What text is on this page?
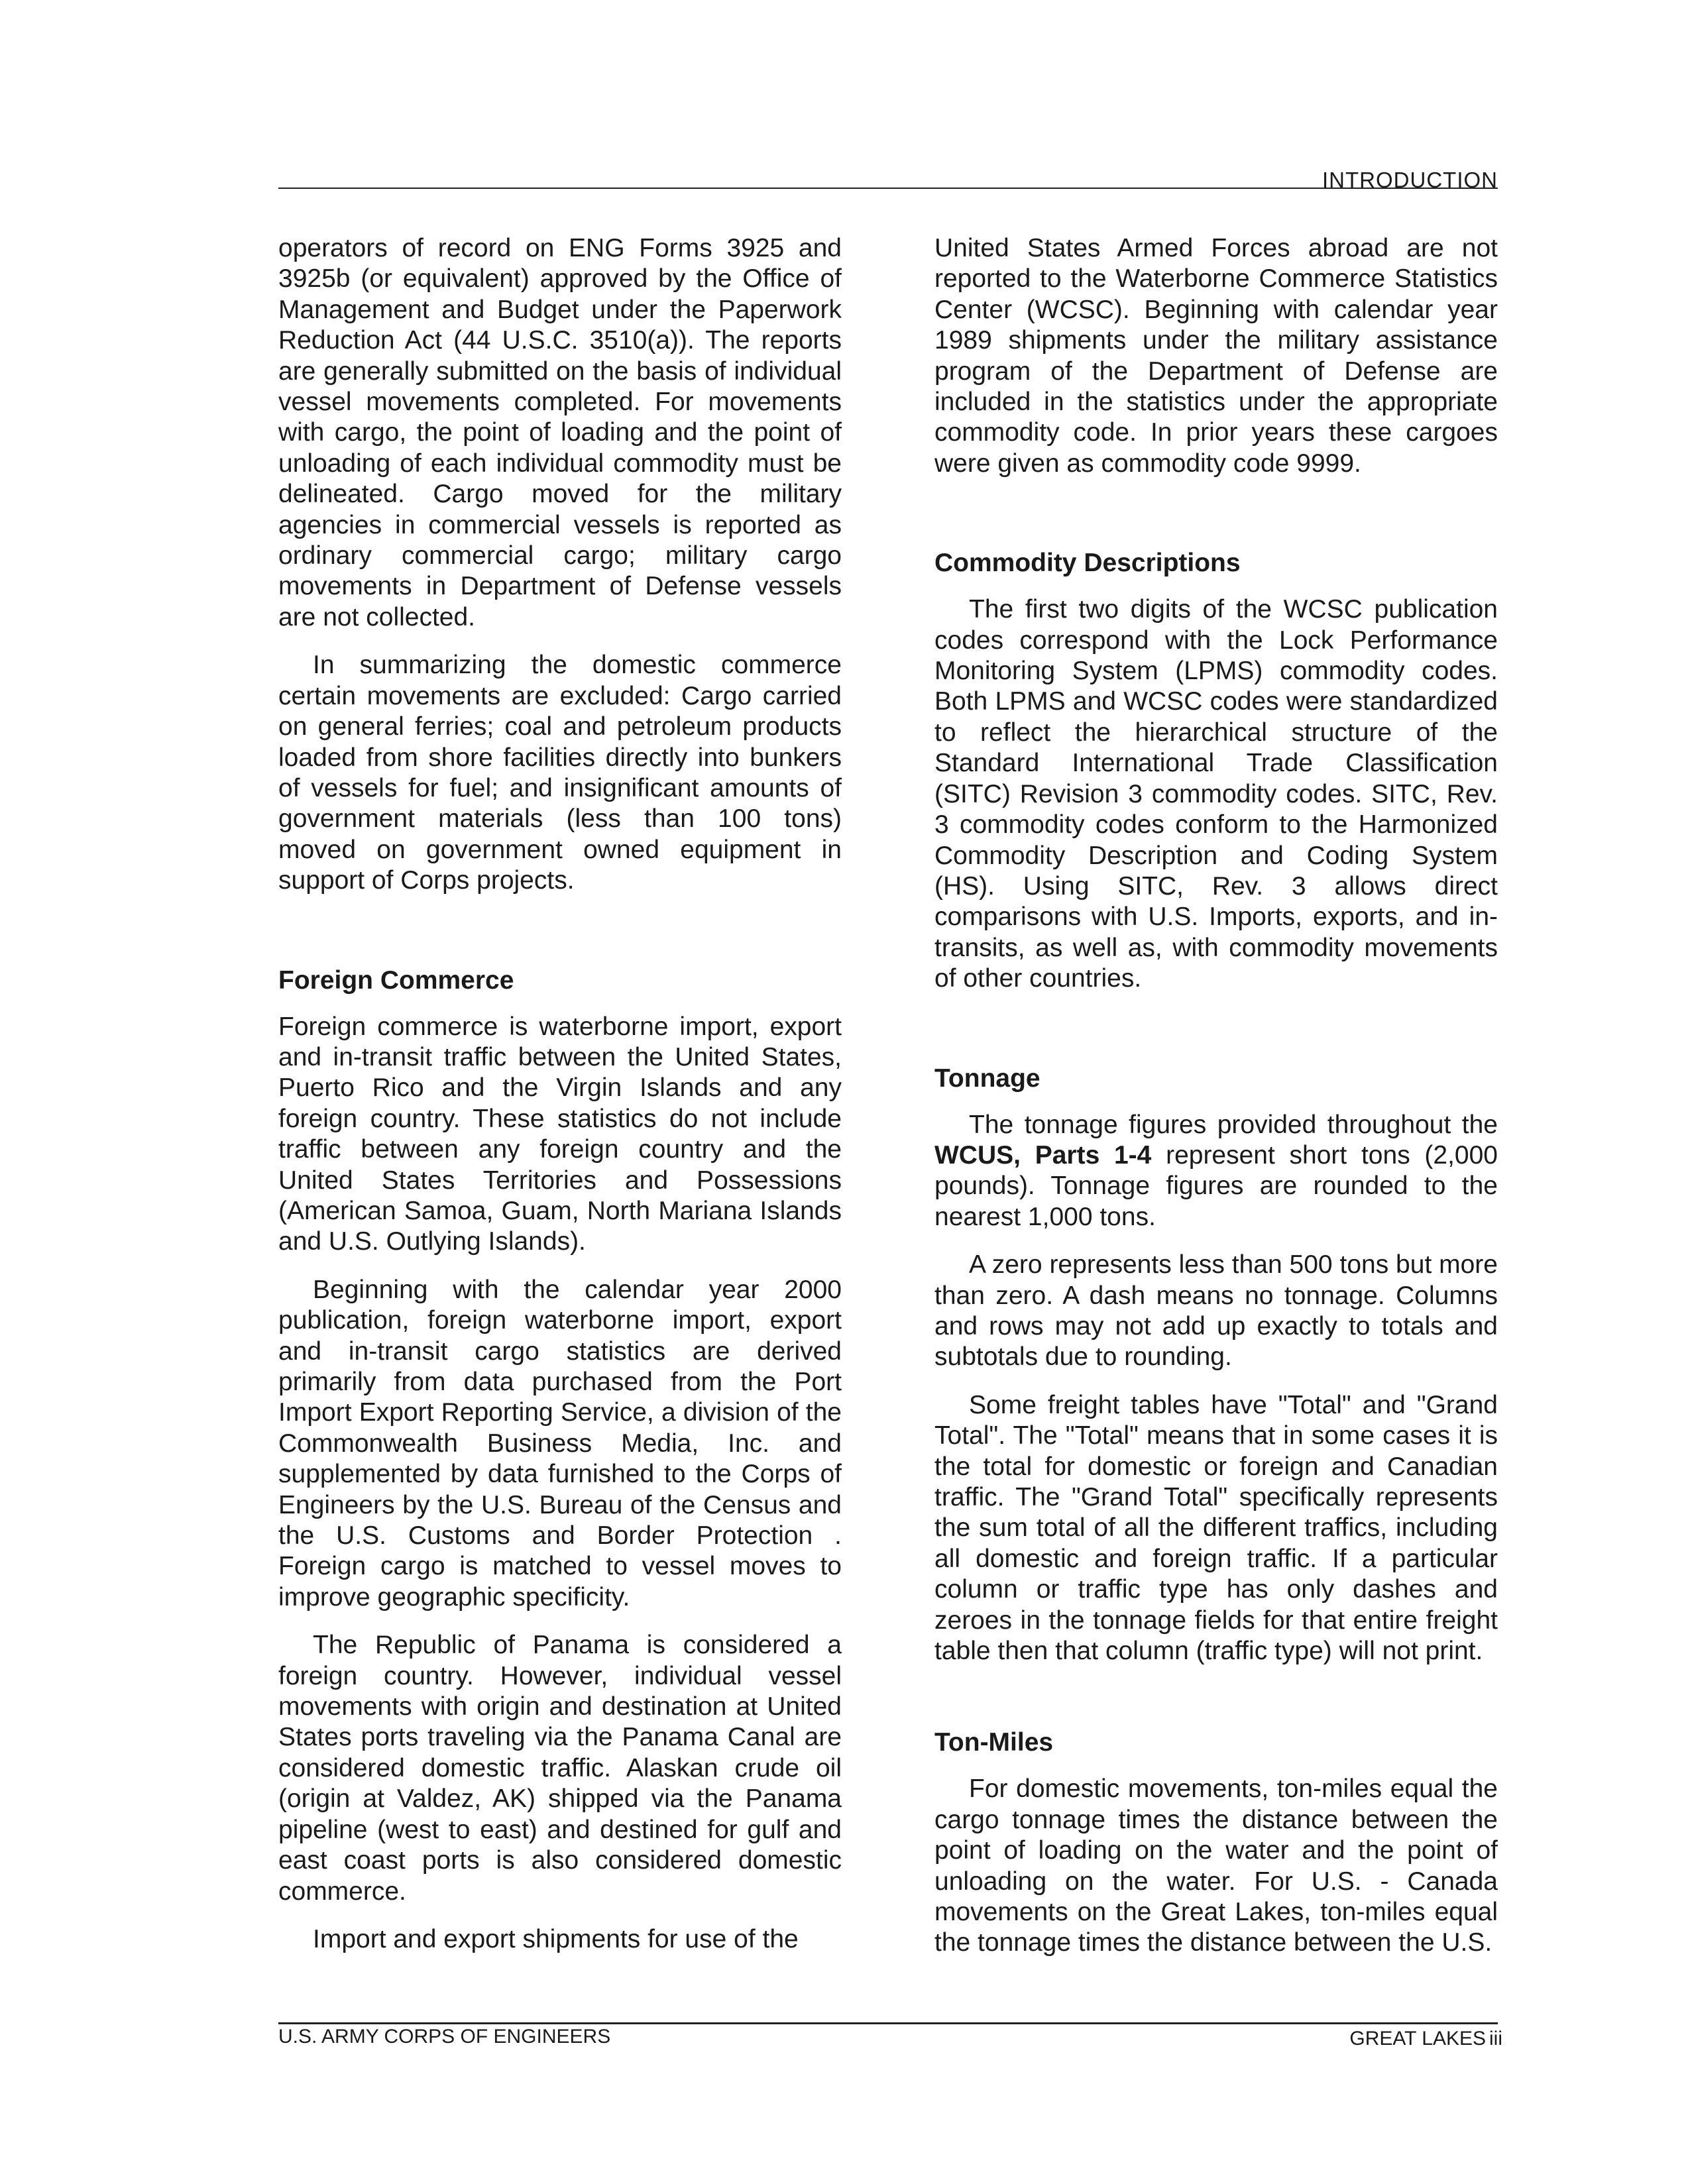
INTRODUCTION

operators of record on ENG Forms 3925 and 3925b (or equivalent) approved by the Office of Management and Budget under the Paperwork Reduction Act (44 U.S.C. 3510(a)). The reports are generally submitted on the basis of individual vessel movements completed. For movements with cargo, the point of loading and the point of unloading of each individual commodity must be delineated. Cargo moved for the military agencies in commercial vessels is reported as ordinary commercial cargo; military cargo movements in Department of Defense vessels are not collected.

In summarizing the domestic commerce certain movements are excluded: Cargo carried on general ferries; coal and petroleum products loaded from shore facilities directly into bunkers of vessels for fuel; and insignificant amounts of government materials (less than 100 tons) moved on government owned equipment in support of Corps projects.

Foreign Commerce

Foreign commerce is waterborne import, export and in-transit traffic between the United States, Puerto Rico and the Virgin Islands and any foreign country. These statistics do not include traffic between any foreign country and the United States Territories and Possessions (American Samoa, Guam, North Mariana Islands and U.S. Outlying Islands).

Beginning with the calendar year 2000 publication, foreign waterborne import, export and in-transit cargo statistics are derived primarily from data purchased from the Port Import Export Reporting Service, a division of the Commonwealth Business Media, Inc. and supplemented by data furnished to the Corps of Engineers by the U.S. Bureau of the Census and the U.S. Customs and Border Protection . Foreign cargo is matched to vessel moves to improve geographic specificity.

The Republic of Panama is considered a foreign country. However, individual vessel movements with origin and destination at United States ports traveling via the Panama Canal are considered domestic traffic. Alaskan crude oil (origin at Valdez, AK) shipped via the Panama pipeline (west to east) and destined for gulf and east coast ports is also considered domestic commerce.

Import and export shipments for use of the

United States Armed Forces abroad are not reported to the Waterborne Commerce Statistics Center (WCSC). Beginning with calendar year 1989 shipments under the military assistance program of the Department of Defense are included in the statistics under the appropriate commodity code. In prior years these cargoes were given as commodity code 9999.

Commodity Descriptions

The first two digits of the WCSC publication codes correspond with the Lock Performance Monitoring System (LPMS) commodity codes. Both LPMS and WCSC codes were standardized to reflect the hierarchical structure of the Standard International Trade Classification (SITC) Revision 3 commodity codes. SITC, Rev. 3 commodity codes conform to the Harmonized Commodity Description and Coding System (HS). Using SITC, Rev. 3 allows direct comparisons with U.S. Imports, exports, and in-transits, as well as, with commodity movements of other countries.

Tonnage

The tonnage figures provided throughout the WCUS, Parts 1-4 represent short tons (2,000 pounds). Tonnage figures are rounded to the nearest 1,000 tons.

A zero represents less than 500 tons but more than zero. A dash means no tonnage. Columns and rows may not add up exactly to totals and subtotals due to rounding.

Some freight tables have "Total" and "Grand Total". The "Total" means that in some cases it is the total for domestic or foreign and Canadian traffic. The "Grand Total" specifically represents the sum total of all the different traffics, including all domestic and foreign traffic. If a particular column or traffic type has only dashes and zeroes in the tonnage fields for that entire freight table then that column (traffic type) will not print.

Ton-Miles

For domestic movements, ton-miles equal the cargo tonnage times the distance between the point of loading on the water and the point of unloading on the water. For U.S. - Canada movements on the Great Lakes, ton-miles equal the tonnage times the distance between the U.S.

U.S. ARMY CORPS OF ENGINEERS	GREAT LAKES iii
